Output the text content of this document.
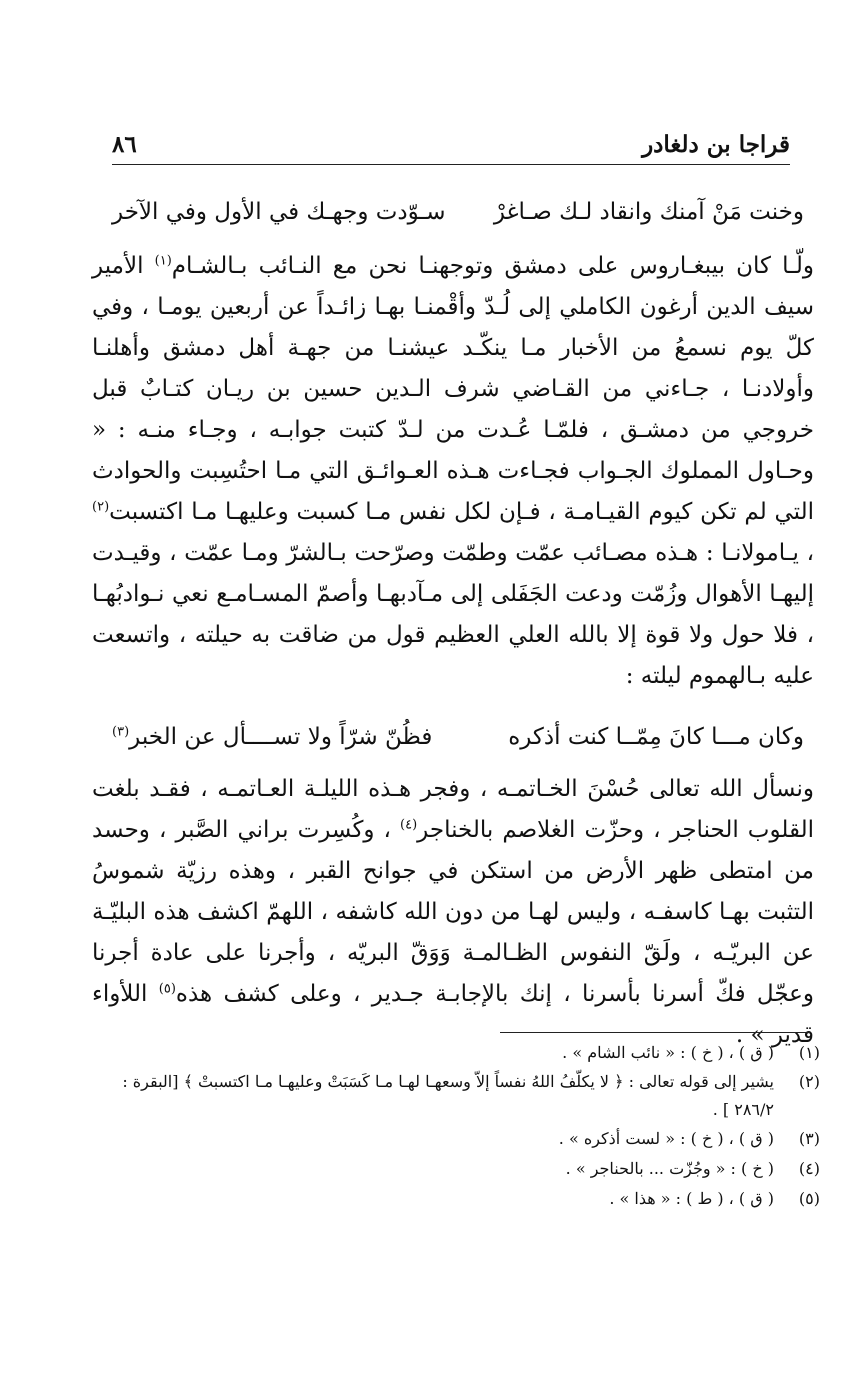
قراجا بن دلغادر
٨٦
وخنت مَنْ آمنك وانقاد لـك صـاغرْ
سـوّدت وجهـك في الأول وفي الآخر

ولّـا كان بيبغـاروس على دمشق وتوجهنـا نحن مع النـائب بـالشـام$^{(١)}$ الأمير سيف الدين أرغون الكاملي إلى لُـدّ وأقْمنـا بهـا زائـداً عن أربعين يومـا ، وفي كلّ يوم نسمعُ من الأخبار مـا ينكّـد عيشنـا من جهـة أهل دمشق وأهلنـا وأولادنـا ، جـاءني من القـاضي شرف الـدين حسين بن ريـان كتـابٌ قبل خروجي من دمشـق ، فلمّـا عُـدت من لـدّ كتبت جوابـه ، وجـاء منـه : « وحـاول المملوك الجـواب فجـاءت هـذه العـوائـق التي مـا احتُسِبت والحوادث التي لم تكن كيوم القيـامـة ، فـإن لكل نفس مـا كسبت وعليهـا مـا اكتسبت$^{(٢)}$ ، يـامولانـا : هـذه مصـائب عمّت وطمّت وصرّحت بـالشرّ ومـا عمّت ، وقيـدت إليهـا الأهوال وزُمّت ودعت الجَفَلى إلى مـآدبهـا وأصمّ المسـامـع نعي نـوادبُهـا ، فلا حول ولا قوة إلا بالله العلي العظيم قول من ضاقت به حيلته ، واتسعت عليه بـالهموم ليلته :

وكان مـــا كانَ مِمّــا كنت أذكره
فظُنّ شرّاً ولا تســــأل عن الخبر$^{(٣)}$

ونسأل الله تعالى حُسْنَ الخـاتمـه ، وفجر هـذه الليلـة العـاتمـه ، فقـد بلغت القلوب الحناجر ، وحزّت الغلاصم بالخناجر$^{(٤)}$ ، وكُسِرت براني الصَّبر ، وحسد من امتطى ظهر الأرض من استكن في جوانح القبر ، وهذه رزيّة شموسُ التثبت بهـا كاسفـه ، وليس لهـا من دون الله كاشفه ، اللهمّ اكشف هذه البليّـة عن البريّـه ، ولَقّ النفوس الظـالمـة وَوَقّ البريّه ، وأجرنا على عادة أجرنا وعجّل فكّ أسرنا بأسرنا ، إنك بالإجابـة جـدير ، وعلى كشف هذه$^{(٥)}$ اللأواء قدير » .

(١)
( ق ) ، ( خ ) : « نائب الشام » .
(٢)
يشير إلى قوله تعالى : ﴿ لا يكلّفُ اللهُ نفساً إلاّ وسعهـا لهـا مـا كَسَبَتْ وعليهـا مـا اكتسبتْ ﴾ [البقرة : ٢٨٦/٢ ] .
(٣)
( ق ) ، ( خ ) : « لست أذكره » .
(٤)
( خ ) : « وجُزّت ... بالحناجر » .
(٥)
( ق ) ، ( ط ) : « هذا » .
